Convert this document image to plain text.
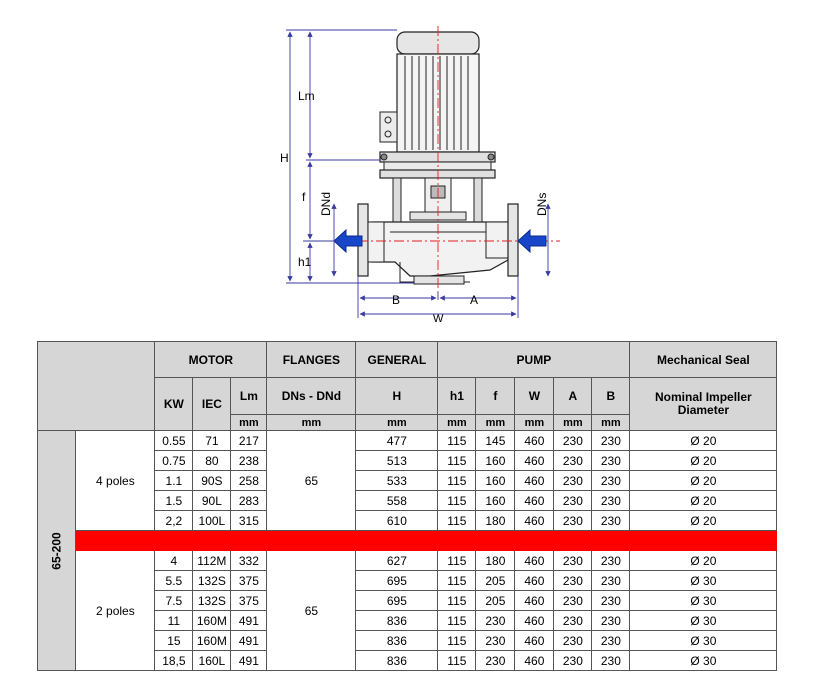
Lm
H
f
h1
DNd	DNs
B	A
W
		MOTOR			FLANGES	GENERAL	PUMP					Mechanical Seal
		KW	IEC	Lm	DNs - DNd	H	h1	f	W	A	B	Nominal Impeller Diameter
				mm	mm	mm	mm	mm	mm	mm	mm	
65-200	4 poles	0.55	71	217	65	477	115	145	460	230	230	Ø 20
		0.75	80	238		513	115	160	460	230	230	Ø 20
		1.1	90S	258		533	115	160	460	230	230	Ø 20
		1.5	90L	283		558	115	160	460	230	230	Ø 20
		2,2	100L	315		610	115	180	460	230	230	Ø 20

	2 poles	4	112M	332	65	627	115	180	460	230	230	Ø 20
		5.5	132S	375		695	115	205	460	230	230	Ø 30
		7.5	132S	375		695	115	205	460	230	230	Ø 30
		11	160M	491		836	115	230	460	230	230	Ø 30
		15	160M	491		836	115	230	460	230	230	Ø 30
		18,5	160L	491		836	115	230	460	230	230	Ø 30
